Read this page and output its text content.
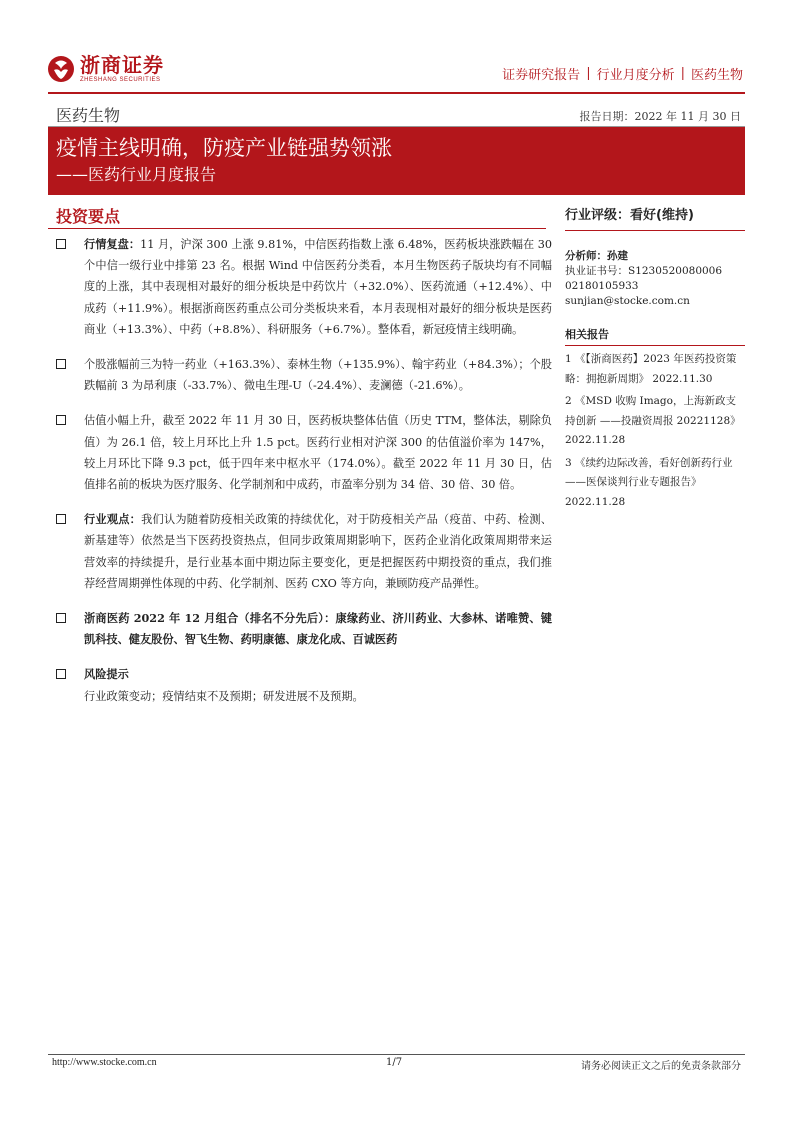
浙商证券
ZHESHANG SECURITIES	证券研究报告 | 行业月度分析 | 医药生物
医药生物	报告日期：2022 年 11 月 30 日
疫情主线明确，防疫产业链强势领涨
——医药行业月度报告
投资要点
行情复盘：11 月，沪深 300 上涨 9.81%，中信医药指数上涨 6.48%，医药板块涨跌幅在 30 个中信一级行业中排第 23 名。根据 Wind 中信医药分类看，本月生物医药子版块均有不同幅度的上涨，其中表现相对最好的细分板块是中药饮片（+32.0%）、医药流通（+12.4%）、中成药（+11.9%）。根据浙商医药重点公司分类板块来看，本月表现相对最好的细分板块是医药商业（+13.3%）、中药（+8.8%）、科研服务（+6.7%）。整体看，新冠疫情主线明确。
个股涨幅前三为特一药业（+163.3%）、泰林生物（+135.9%）、翰宇药业（+84.3%）；个股跌幅前 3 为昂利康（-33.7%）、微电生理-U（-24.4%）、麦澜德（-21.6%）。
估值小幅上升，截至 2022 年 11 月 30 日，医药板块整体估值（历史 TTM，整体法，剔除负值）为 26.1 倍，较上月环比上升 1.5 pct。医药行业相对沪深 300 的估值溢价率为 147%，较上月环比下降 9.3 pct，低于四年来中枢水平（174.0%）。截至 2022 年 11 月 30 日，估值排名前的板块为医疗服务、化学制剂和中成药，市盈率分别为 34 倍、30 倍、30 倍。
行业观点：我们认为随着防疫相关政策的持续优化，对于防疫相关产品（疫苗、中药、检测、新基建等）依然是当下医药投资热点，但同步政策周期影响下，医药企业消化政策周期带来运营效率的持续提升，是行业基本面中期边际主要变化，更是把握医药中期投资的重点，我们推荐经营周期弹性体现的中药、化学制剂、医药 CXO 等方向，兼顾防疫产品弹性。
浙商医药 2022 年 12 月组合（排名不分先后）：康缘药业、济川药业、大参林、诺唯赞、键凯科技、健友股份、智飞生物、药明康德、康龙化成、百诚医药
风险提示
行业政策变动；疫情结束不及预期；研发进展不及预期。
行业评级：看好(维持)
分析师：孙建
执业证书号：S1230520080006
02180105933
sunjian@stocke.com.cn
相关报告
1 《【浙商医药】2023 年医药投资策略：拥抱新周期》 2022.11.30
2 《MSD 收购 Imago，上海新政支持创新 ——投融资周报 20221128》 2022.11.28
3 《续约边际改善，看好创新药行业——医保谈判行业专题报告》 2022.11.28
http://www.stocke.com.cn	1/7	请务必阅读正文之后的免责条款部分
